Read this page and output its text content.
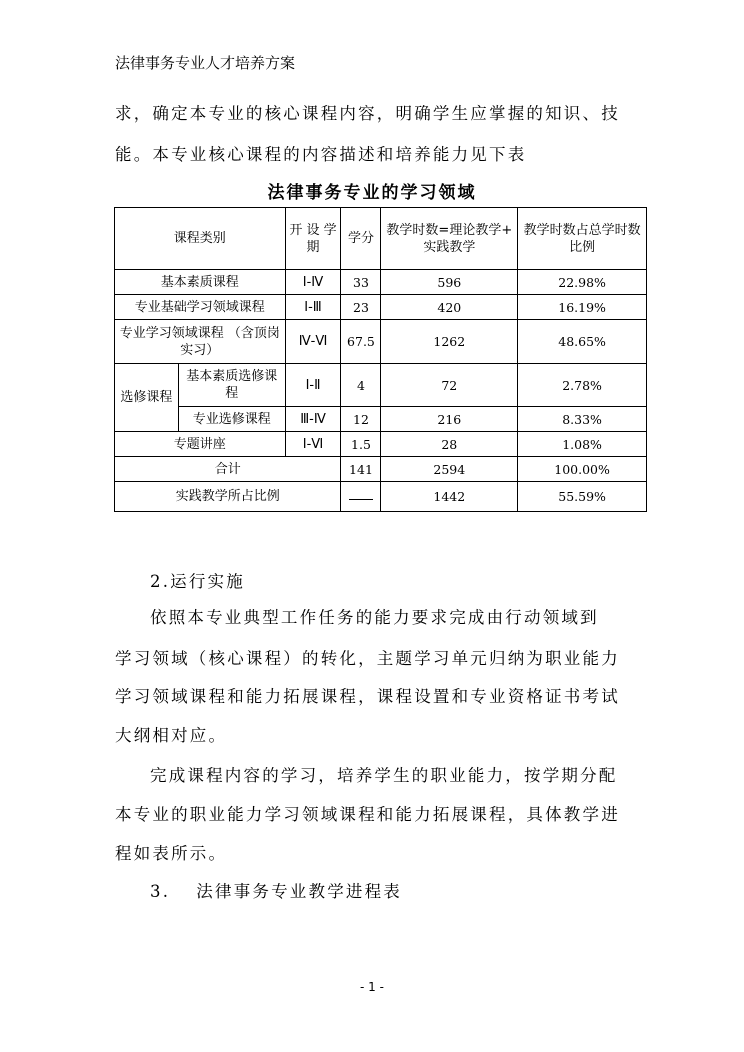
法律事务专业人才培养方案
求，确定本专业的核心课程内容，明确学生应掌握的知识、技
能。本专业核心课程的内容描述和培养能力见下表
法律事务专业的学习领域
课程类别		开 设 学 期	学分	教学时数=理论教学+ 实践教学	教学时数占总学时数比例
基本素质课程		Ⅰ-Ⅳ	33	596	22.98%
专业基础学习领域课程		Ⅰ-Ⅲ	23	420	16.19%
专业学习领域课程 （含顶岗实习）		Ⅳ-Ⅵ	67.5	1262	48.65%
选修课程	基本素质选修课 程	Ⅰ-Ⅱ	4	72	2.78%
	专业选修课程	Ⅲ-Ⅳ	12	216	8.33%
专题讲座		Ⅰ-Ⅵ	1.5	28	1.08%
合计			141	2594	100.00%
实践教学所占比例				1442	55.59%
2.运行实施
依照本专业典型工作任务的能力要求完成由行动领域到
学习领域（核心课程）的转化，主题学习单元归纳为职业能力
学习领域课程和能力拓展课程，课程设置和专业资格证书考试
大纲相对应。
完成课程内容的学习，培养学生的职业能力，按学期分配
本专业的职业能力学习领域课程和能力拓展课程，具体教学进
程如表所示。
3.　 法律事务专业教学进程表
- 1 -
